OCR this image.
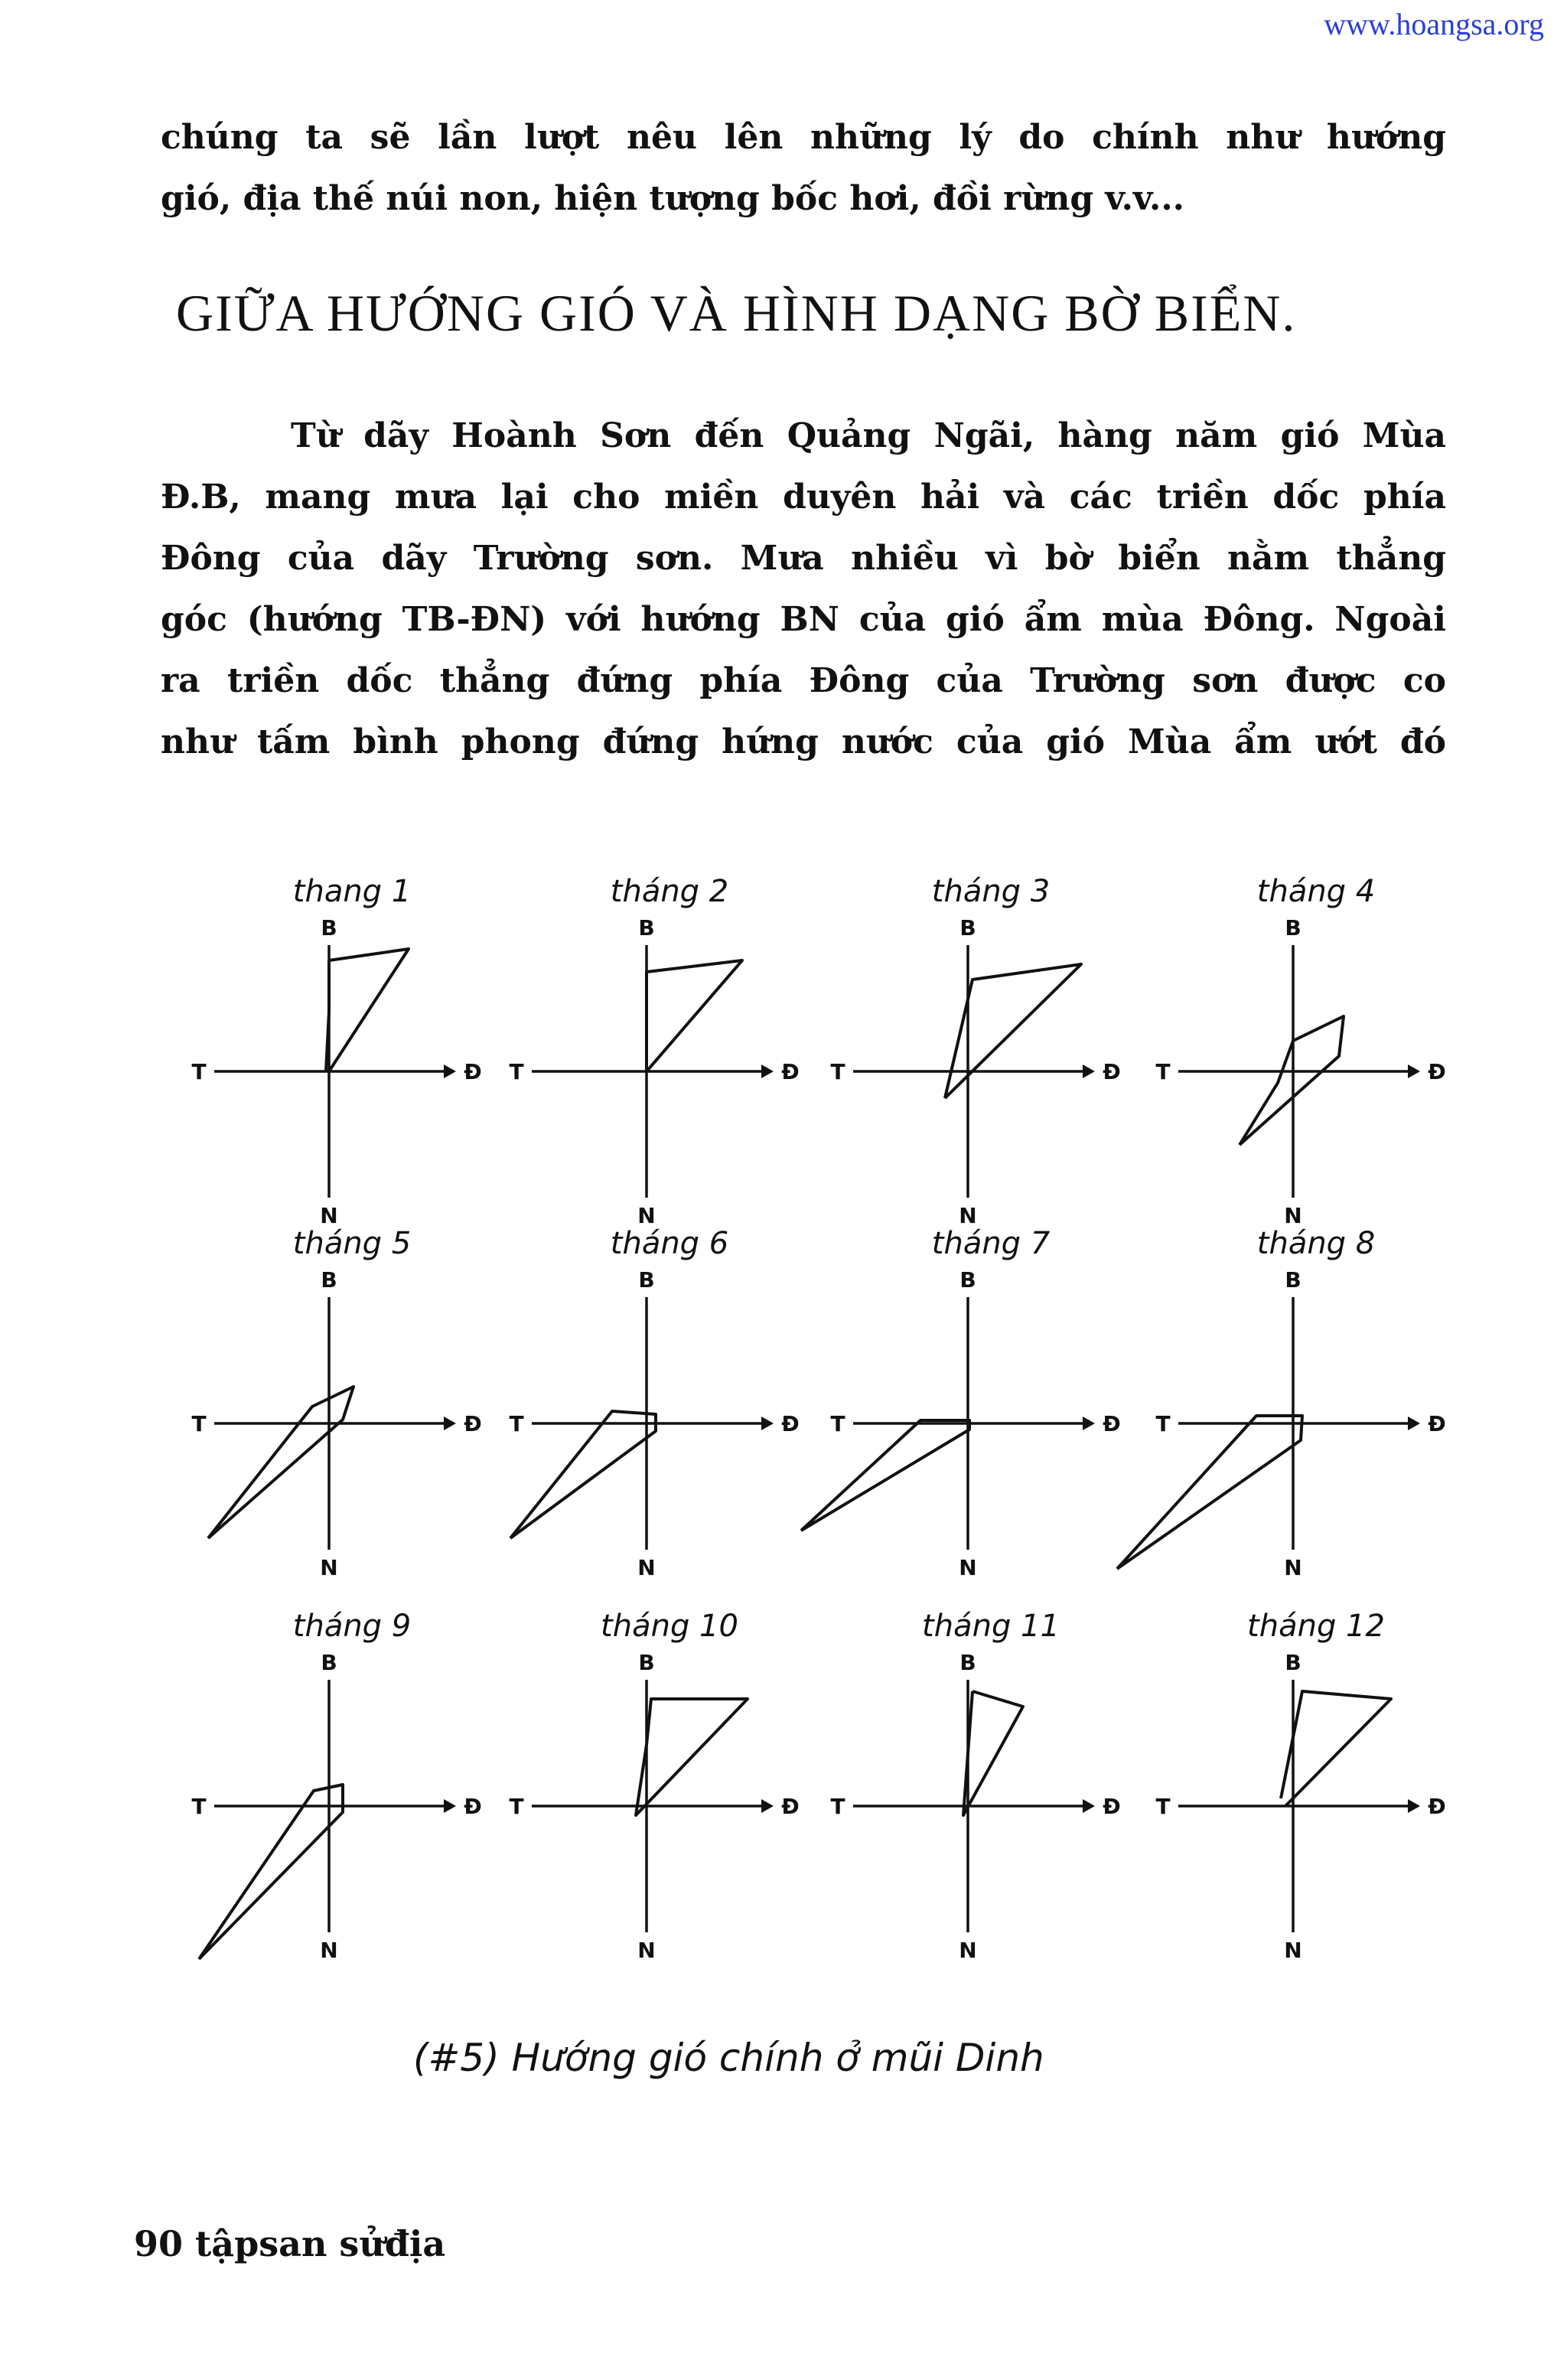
www.hoangsa.org

chúng ta sẽ lần lượt nêu lên những lý do chính như hướng
gió, địa thế núi non, hiện tượng bốc hơi, đồi rừng v.v...

GIỮA HƯỚNG GIÓ VÀ HÌNH DẠNG BỜ BIỂN.

Từ dãy Hoành Sơn đến Quảng Ngãi, hàng năm gió Mùa
Đ.B, mang mưa lại cho miền duyên hải và các triền dốc phía
Đông của dãy Trường sơn. Mưa nhiều vì bờ biển nằm thẳng
góc (hướng TB-ĐN) với hướng BN của gió ẩm mùa Đông. Ngoài
ra triền dốc thẳng đứng phía Đông của Trường sơn được co
như tấm bình phong đứng hứng nước của gió Mùa ẩm ướt đó

B
N
T	Đ
thang 1
B
N
T	Đ
tháng 2
B
N
T	Đ
tháng 3
B
N
T	Đ
tháng 4
B
N
T	Đ
tháng 5
B
N
T	Đ
tháng 6
B
N
T	Đ
tháng 7
B
N
T	Đ
tháng 8
B
N
T	Đ
tháng 9
B
N
T	Đ
tháng 10
B
N
T	Đ
tháng 11
B
N
T	Đ
tháng 12
(#5) Hướng gió chính ở mũi Dinh
90 tậpsan sửđịa
